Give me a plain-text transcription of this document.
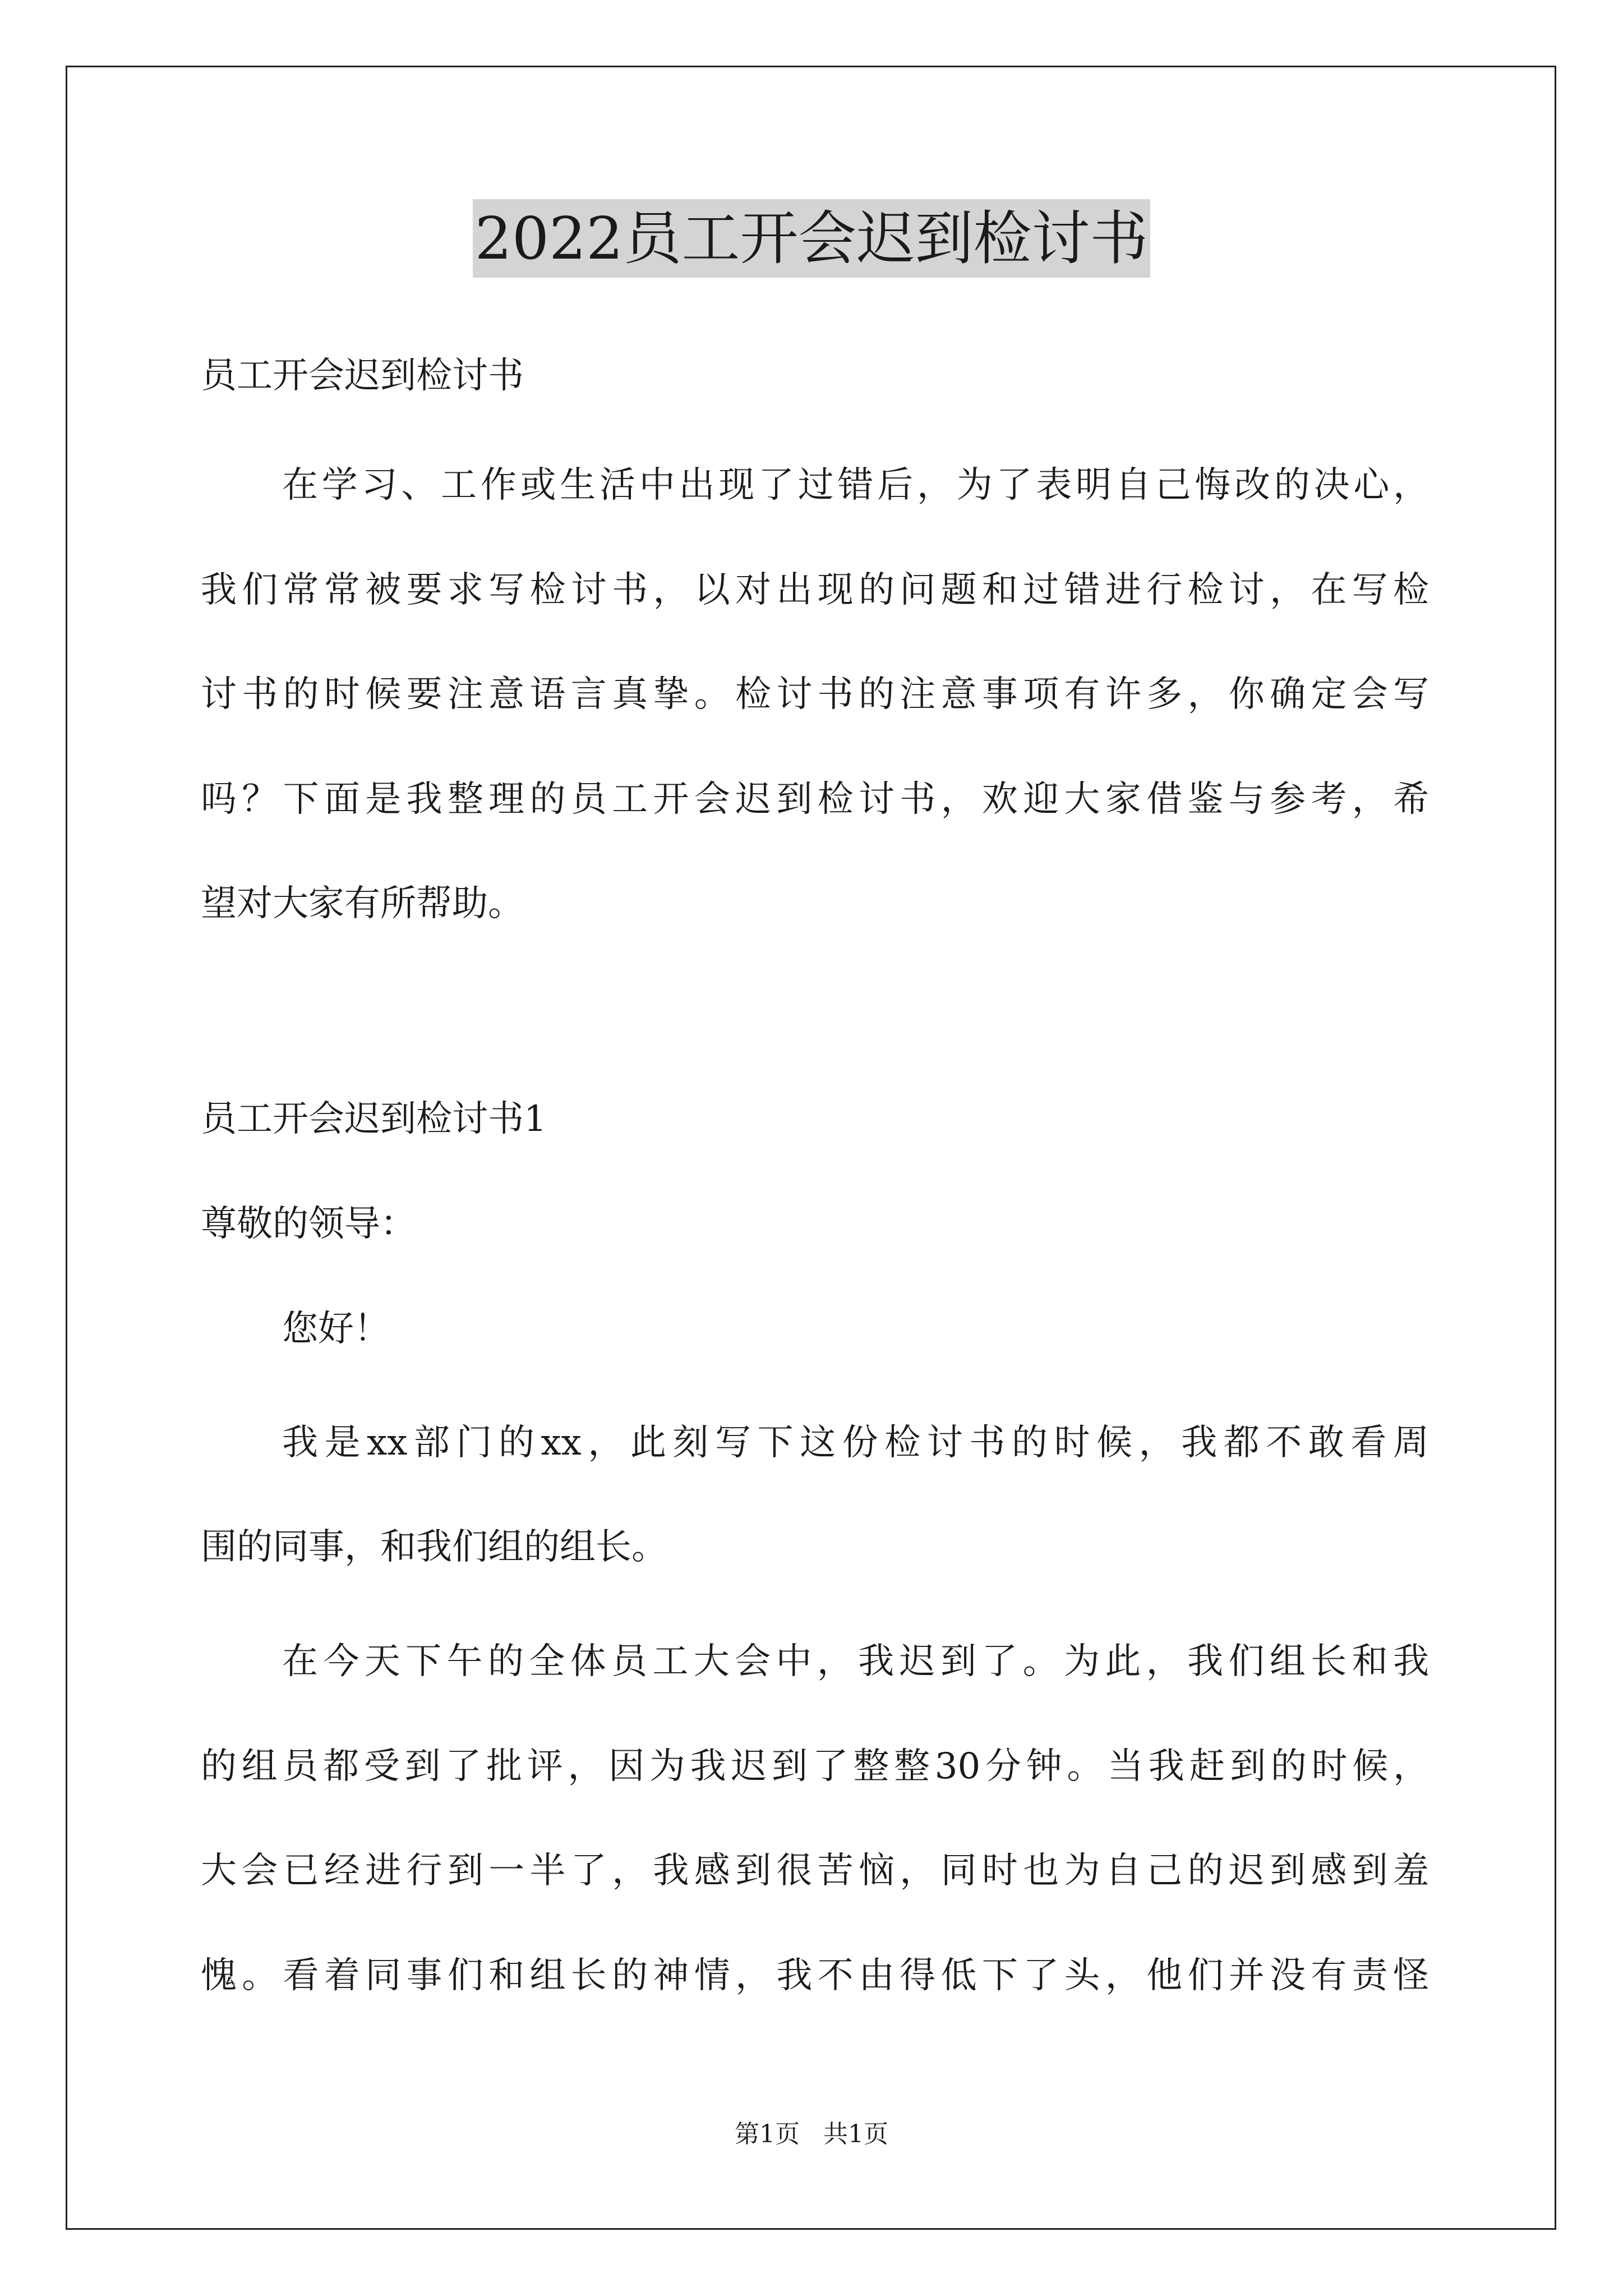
2022员工开会迟到检讨书
员工开会迟到检讨书
在学习、工作或生活中出现了过错后，为了表明自己悔改的决心，
我们常常被要求写检讨书，以对出现的问题和过错进行检讨，在写检
讨书的时候要注意语言真挚。检讨书的注意事项有许多，你确定会写
吗？下面是我整理的员工开会迟到检讨书，欢迎大家借鉴与参考，希
望对大家有所帮助。
员工开会迟到检讨书1
尊敬的领导：
您好！
我是xx部门的xx，此刻写下这份检讨书的时候，我都不敢看周
围的同事，和我们组的组长。
在今天下午的全体员工大会中，我迟到了。为此，我们组长和我
的组员都受到了批评，因为我迟到了整整30分钟。当我赶到的时候，
大会已经进行到一半了，我感到很苦恼，同时也为自己的迟到感到羞
愧。看着同事们和组长的神情，我不由得低下了头，他们并没有责怪
第1页   共1页
